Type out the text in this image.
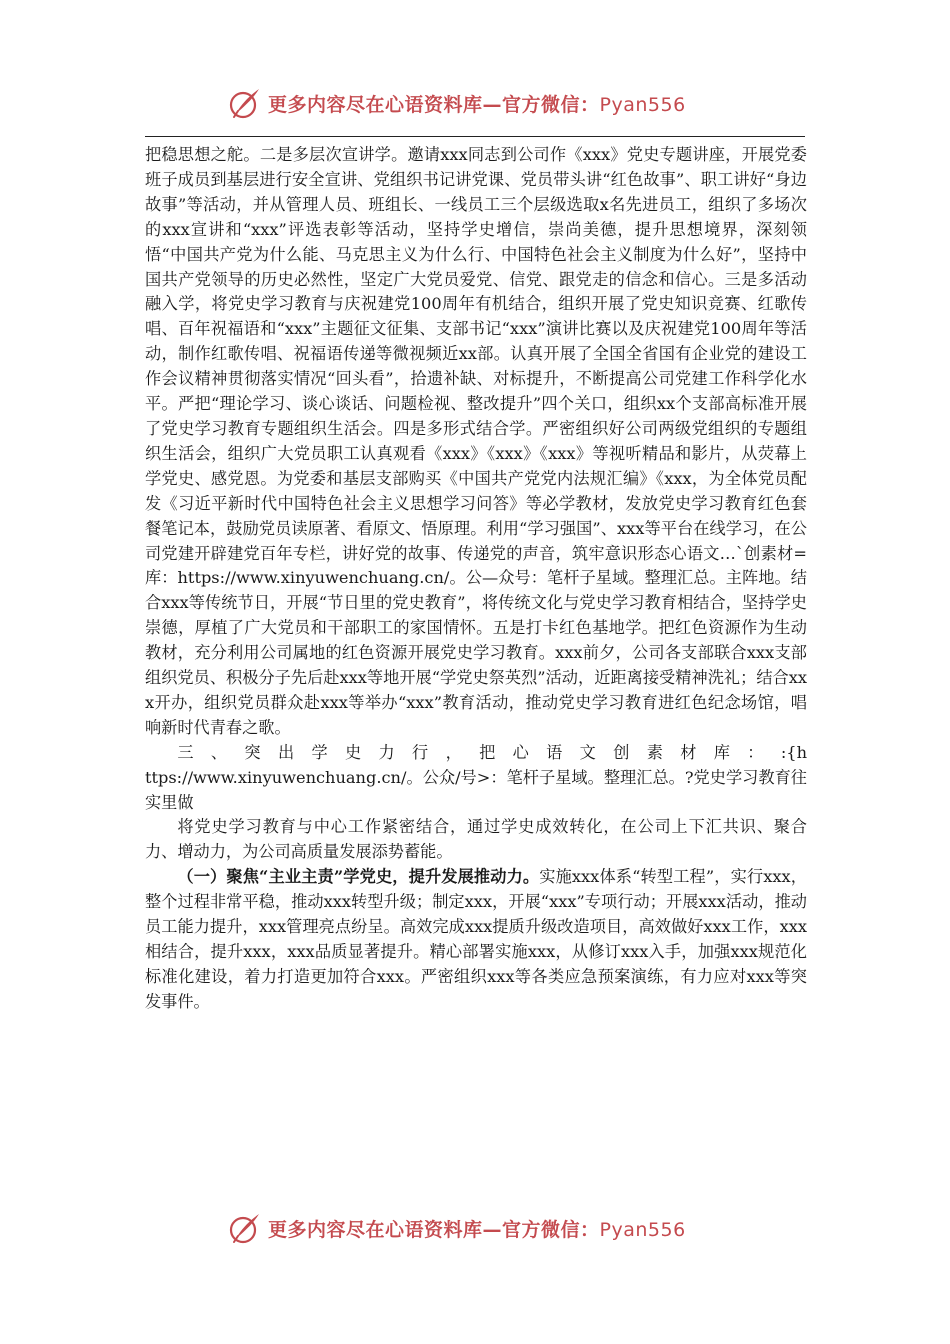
更多内容尽在心语资料库—官方微信：Pyan556

把稳思想之舵。二是多层次宣讲学。邀请xxx同志到公司作《xxx》党史专题讲座，开展党委班子成员到基层进行安全宣讲、党组织书记讲党课、党员带头讲“红色故事”、职工讲好“身边故事”等活动，并从管理人员、班组长、一线员工三个层级选取x名先进员工，组织了多场次的xxx宣讲和“xxx”评选表彰等活动，坚持学史增信，崇尚美德，提升思想境界，深刻领悟“中国共产党为什么能、马克思主义为什么行、中国特色社会主义制度为什么好”，坚持中国共产党领导的历史必然性，坚定广大党员爱党、信党、跟党走的信念和信心。三是多活动融入学，将党史学习教育与庆祝建党100周年有机结合，组织开展了党史知识竞赛、红歌传唱、百年祝福语和“xxx”主题征文征集、支部书记“xxx”演讲比赛以及庆祝建党100周年等活动，制作红歌传唱、祝福语传递等微视频近xx部。认真开展了全国全省国有企业党的建设工作会议精神贯彻落实情况“回头看”，拾遗补缺、对标提升，不断提高公司党建工作科学化水平。严把“理论学习、谈心谈话、问题检视、整改提升”四个关口，组织xx个支部高标准开展了党史学习教育专题组织生活会。四是多形式结合学。严密组织好公司两级党组织的专题组织生活会，组织广大党员职工认真观看《xxx》《xxx》《xxx》等视听精品和影片，从荧幕上学党史、感党恩。为党委和基层支部购买《中国共产党党内法规汇编》《xxx，为全体党员配发《习近平新时代中国特色社会主义思想学习问答》等必学教材，发放党史学习教育红色套餐笔记本，鼓励党员读原著、看原文、悟原理。利用“学习强国”、xxx等平台在线学习，在公司党建开辟建党百年专栏，讲好党的故事、传递党的声音，筑牢意识形态心语文…`创素材=库：https://www.xinyuwenchuang.cn/。公—众号：笔杆子星域。整理汇总。主阵地。结合xxx等传统节日，开展“节日里的党史教育”，将传统文化与党史学习教育相结合，坚持学史崇德，厚植了广大党员和干部职工的家国情怀。五是打卡红色基地学。把红色资源作为生动教材，充分利用公司属地的红色资源开展党史学习教育。xxx前夕，公司各支部联合xxx支部组织党员、积极分子先后赴xxx等地开展“学党史祭英烈”活动，近距离接受精神洗礼；结合xxx开办，组织党员群众赴xxx等举办“xxx”教育活动，推动党史学习教育进红色纪念场馆，唱响新时代青春之歌。

三、突出学史力行，把心语文创素材库：:{https://www.xinyuwenchuang.cn/。公众/号>：笔杆子星域。整理汇总。?党史学习教育往实里做

将党史学习教育与中心工作紧密结合，通过学史成效转化，在公司上下汇共识、聚合力、增动力，为公司高质量发展添势蓄能。

（一）聚焦“主业主责”学党史，提升发展推动力。实施xxx体系“转型工程”，实行xxx，整个过程非常平稳，推动xxx转型升级；制定xxx，开展“xxx”专项行动；开展xxx活动，推动员工能力提升，xxx管理亮点纷呈。高效完成xxx提质升级改造项目，高效做好xxx工作，xxx相结合，提升xxx，xxx品质显著提升。精心部署实施xxx，从修订xxx入手，加强xxx规范化标准化建设，着力打造更加符合xxx。严密组织xxx等各类应急预案演练，有力应对xxx等突发事件。

更多内容尽在心语资料库—官方微信：Pyan556
